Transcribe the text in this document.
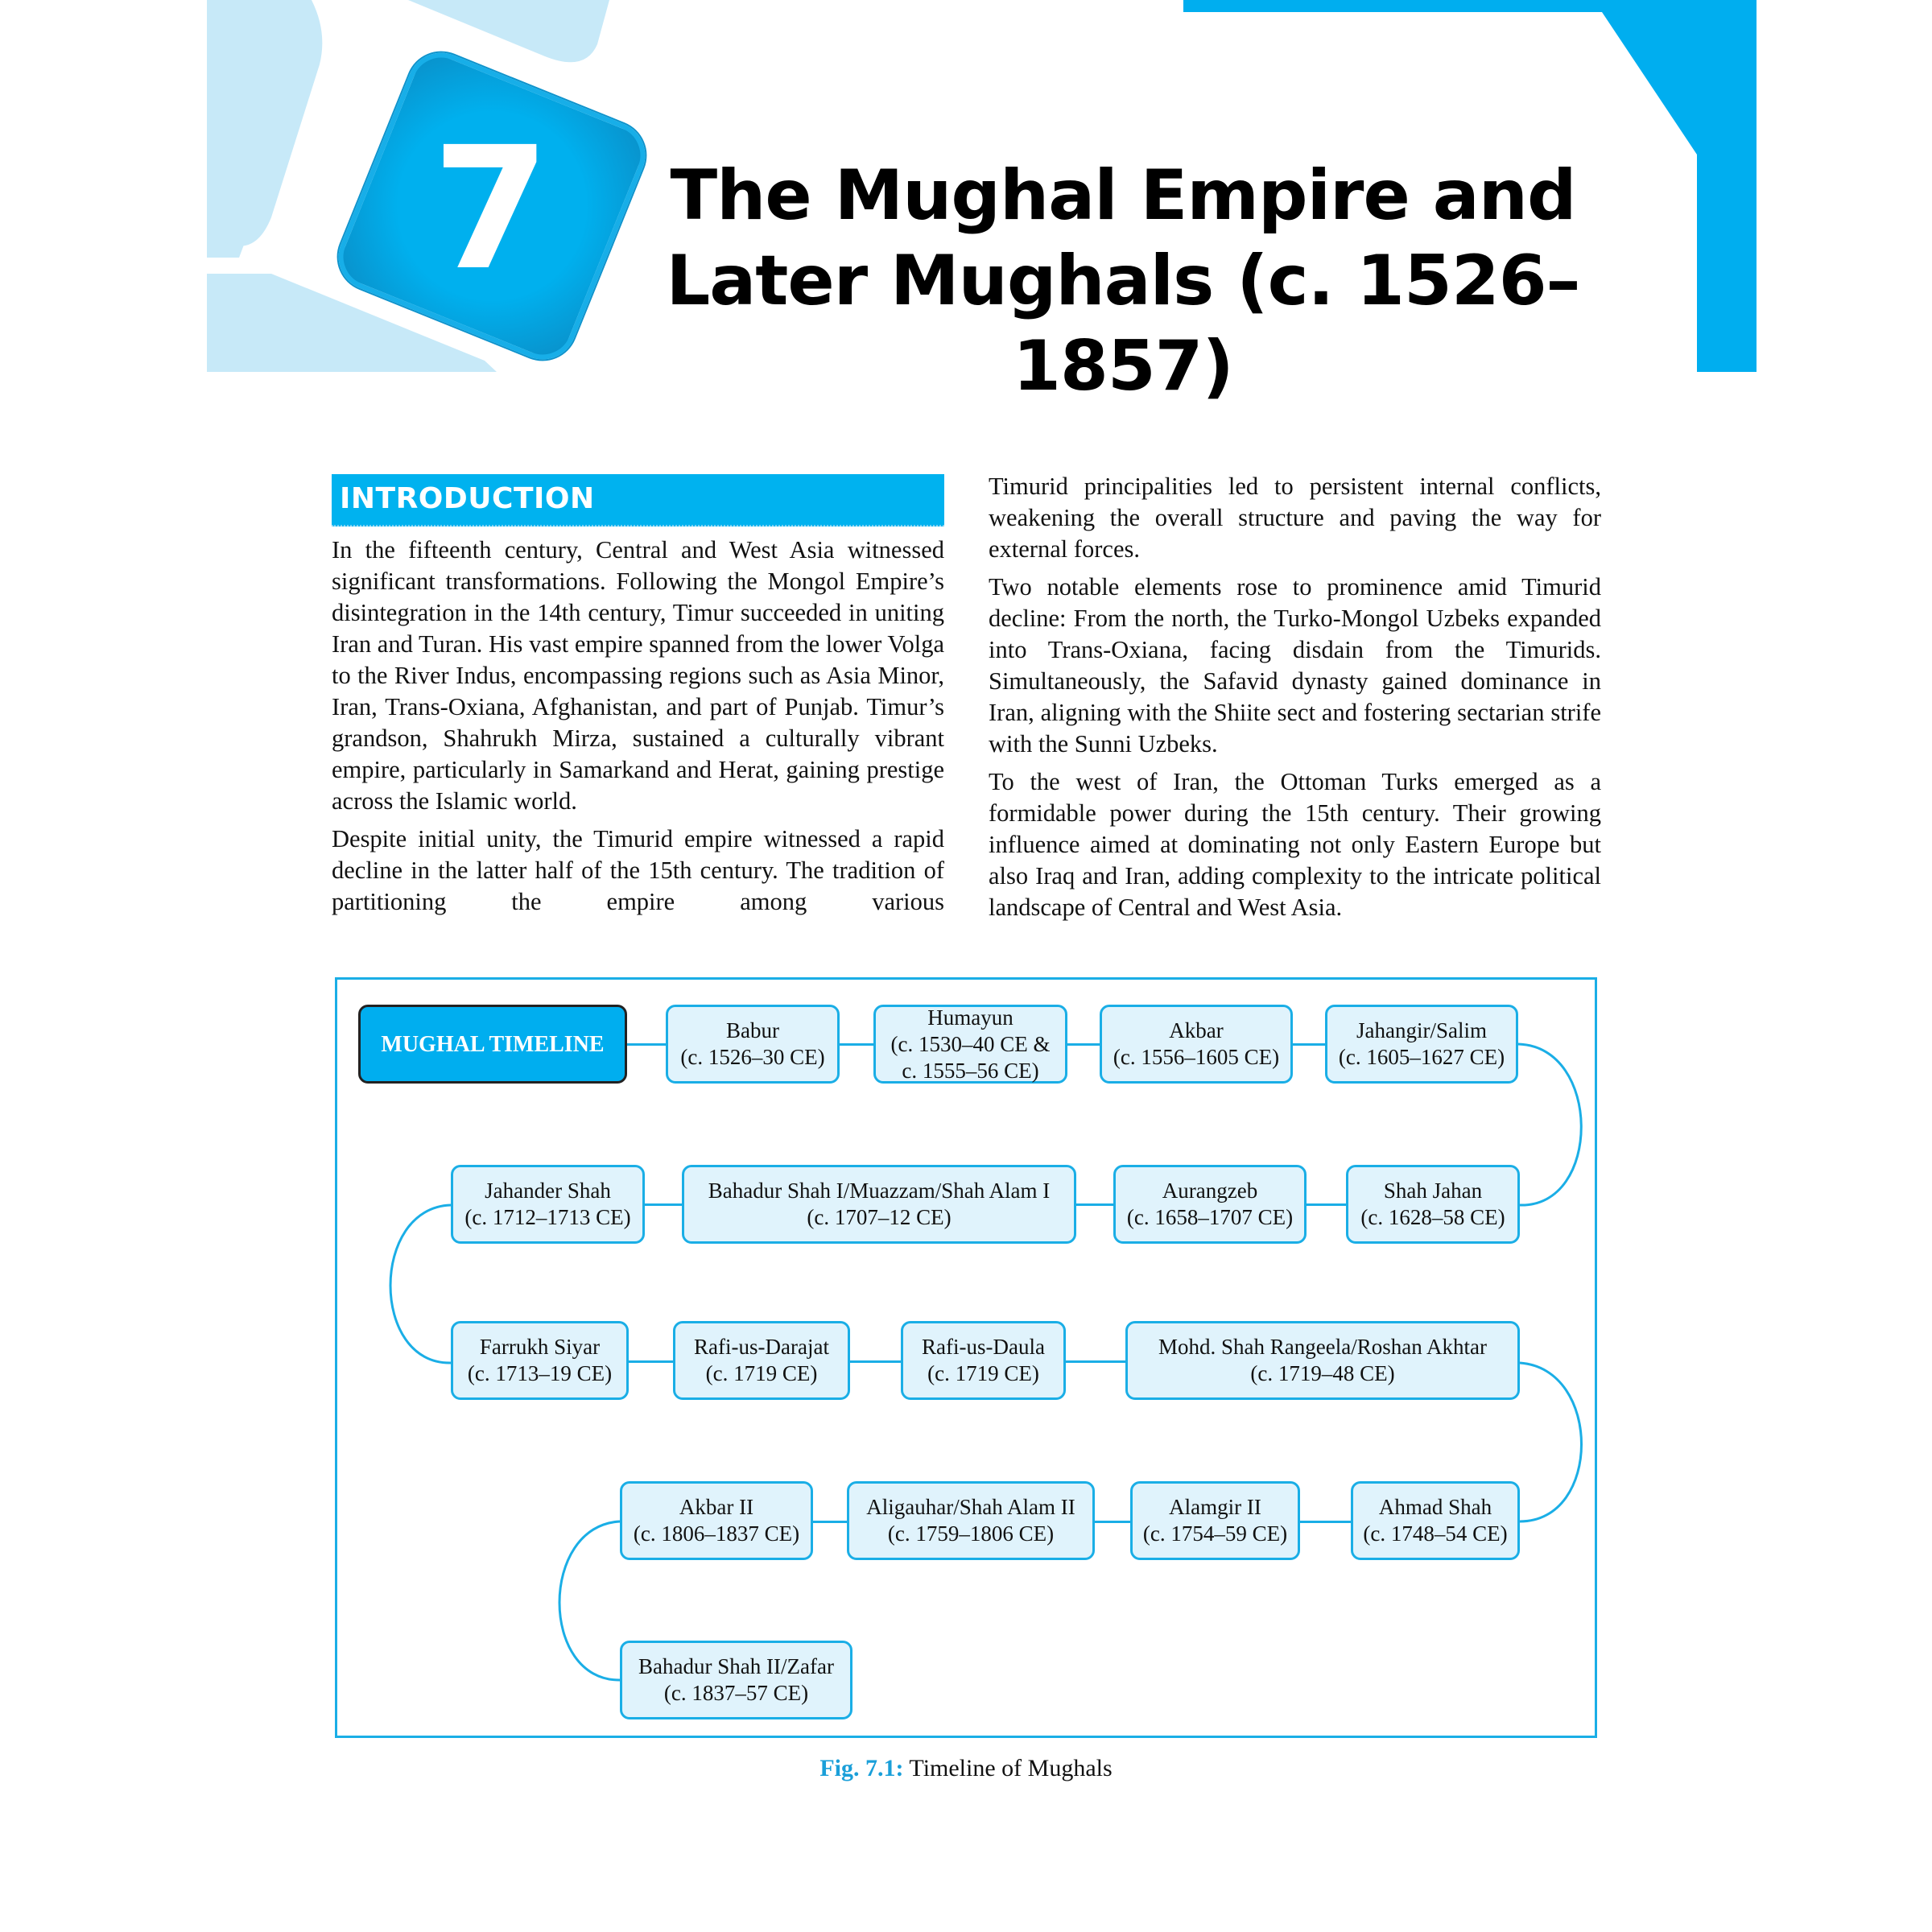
7	The Mughal Empire and
Later Mughals (c. 1526–1857)
INTRODUCTION

In the fifteenth century, Central and West Asia witnessed significant transformations. Following the Mongol Empire’s disintegration in the 14th century, Timur succeeded in uniting Iran and Turan. His vast empire spanned from the lower Volga to the River Indus, encompassing regions such as Asia Minor, Iran, Trans-Oxiana, Afghanistan, and part of Punjab. Timur’s grandson, Shahrukh Mirza, sustained a culturally vibrant empire, particularly in Samarkand and Herat, gaining prestige across the Islamic world.

Despite initial unity, the Timurid empire witnessed a rapid decline in the latter half of the 15th century. The tradition of partitioning the empire among various

Timurid principalities led to persistent internal conflicts, weakening the overall structure and paving the way for external forces.

Two notable elements rose to prominence amid Timurid decline: From the north, the Turko-Mongol Uzbeks expanded into Trans-Oxiana, facing disdain from the Timurids. Simultaneously, the Safavid dynasty gained dominance in Iran, aligning with the Shiite sect and fostering sectarian strife with the Sunni Uzbeks.

To the west of Iran, the Ottoman Turks emerged as a formidable power during the 15th century. Their growing influence aimed at dominating not only Eastern Europe but also Iraq and Iran, adding complexity to the intricate political landscape of Central and West Asia.

MUGHAL TIMELINE
Babur
(c. 1526–30 CE)
Humayun
(c. 1530–40 CE &
c. 1555–56 CE)
Akbar
(c. 1556–1605 CE)
Jahangir/Salim
(c. 1605–1627 CE)
Jahander Shah
(c. 1712–1713 CE)
Bahadur Shah I/Muazzam/Shah Alam I
(c. 1707–12 CE)
Aurangzeb
(c. 1658–1707 CE)
Shah Jahan
(c. 1628–58 CE)
Farrukh Siyar
(c. 1713–19 CE)
Rafi-us-Darajat
(c. 1719 CE)
Rafi-us-Daula
(c. 1719 CE)
Mohd. Shah Rangeela/Roshan Akhtar
(c. 1719–48 CE)
Akbar II
(c. 1806–1837 CE)
Aligauhar/Shah Alam II
(c. 1759–1806 CE)
Alamgir II
(c. 1754–59 CE)
Ahmad Shah
(c. 1748–54 CE)
Bahadur Shah II/Zafar
(c. 1837–57 CE)
Fig. 7.1: Timeline of Mughals
